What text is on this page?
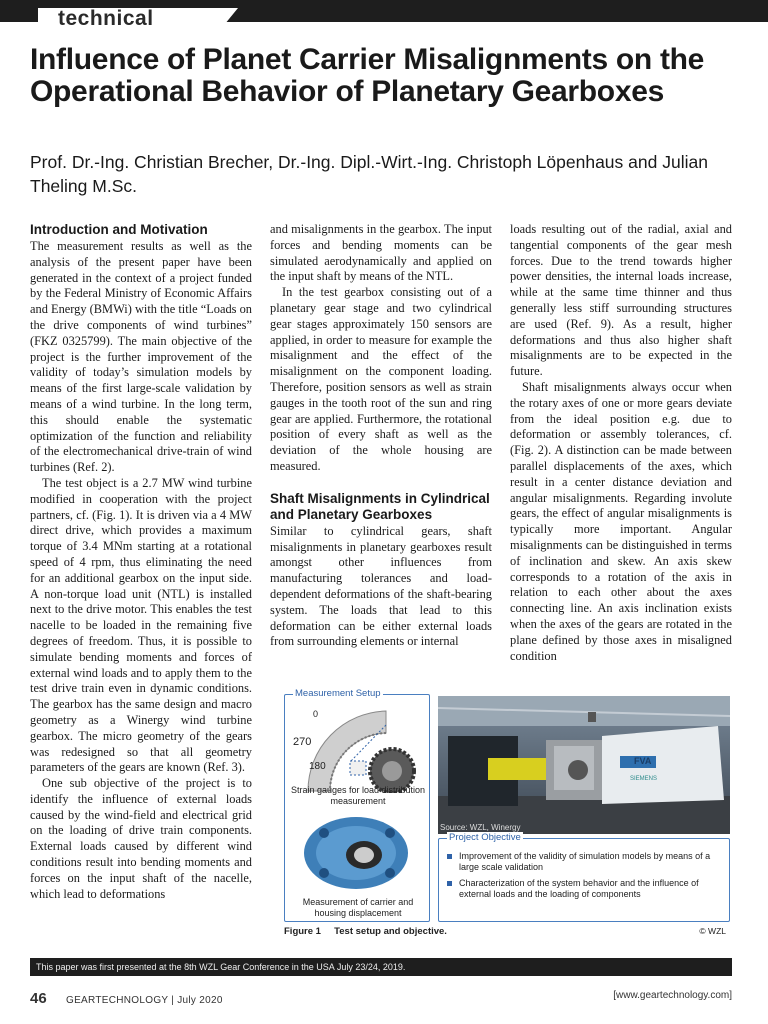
technical
Influence of Planet Carrier Misalignments on the Operational Behavior of Planetary Gearboxes
Prof. Dr.-Ing. Christian Brecher, Dr.-Ing. Dipl.-Wirt.-Ing. Christoph Löpenhaus and Julian Theling M.Sc.
Introduction and Motivation

The measurement results as well as the analysis of the present paper have been generated in the context of a project funded by the Federal Ministry of Economic Affairs and Energy (BMWi) with the title “Loads on the drive components of wind turbines” (FKZ 0325799). The main objective of the project is the further improvement of the validity of today’s simulation models by means of the first large-scale validation by means of a wind turbine. In the long term, this should enable the systematic optimization of the function and reliability of the electromechanical drive-train of wind turbines (Ref. 2).

The test object is a 2.7 MW wind turbine modified in cooperation with the project partners, cf. (Fig. 1). It is driven via a 4 MW direct drive, which provides a maximum torque of 3.4 MNm starting at a rotational speed of 4 rpm, thus eliminating the need for an additional gearbox on the input side. A non-torque load unit (NTL) is installed next to the drive motor. This enables the test nacelle to be loaded in the remaining five degrees of freedom. Thus, it is possible to simulate bending moments and forces of external wind loads and to apply them to the test drive train even in dynamic conditions. The gearbox has the same design and macro geometry as a Winergy wind turbine gearbox. The micro geometry of the gears was redesigned so that all geometry parameters of the gears are known (Ref. 3).

One sub objective of the project is to identify the influence of external loads caused by the wind-field and electrical grid on the loading of drive train components. External loads caused by different wind conditions result into bending moments and forces on the input shaft of the nacelle, which lead to deformations

and misalignments in the gearbox. The input forces and bending moments can be simulated aerodynamically and applied on the input shaft by means of the NTL.

In the test gearbox consisting out of a planetary gear stage and two cylindrical gear stages approximately 150 sensors are applied, in order to measure for example the misalignment and the effect of the misalignment on the component loading. Therefore, position sensors as well as strain gauges in the tooth root of the sun and ring gear are applied. Furthermore, the rotational position of every shaft as well as the deviation of the whole housing are measured.

Shaft Misalignments in Cylindrical and Planetary Gearboxes

Similar to cylindrical gears, shaft misalignments in planetary gearboxes result amongst other influences from manufacturing tolerances and load-dependent deformations of the shaft-bearing system. The loads that lead to this deformation can be either external loads from surrounding elements or internal

loads resulting out of the radial, axial and tangential components of the gear mesh forces. Due to the trend towards higher power densities, the internal loads increase, while at the same time thinner and thus generally less stiff surrounding structures are used (Ref. 9). As a result, higher deformations and thus also higher shaft misalignments are to be expected in the future.

Shaft misalignments always occur when the rotary axes of one or more gears deviate from the ideal position e.g. due to deformation or assembly tolerances, cf. (Fig. 2). A distinction can be made between parallel displacements of the axes, which result in a center distance deviation and angular misalignments. Regarding involute gears, the effect of angular misalignments is typically more important. Angular misalignments can be distinguished in terms of inclination and skew. An axis skew corresponds to a rotation of the axis in relation to each other about the axes connecting line. An axis inclination exists when the axes of the gears are rotated in the plane defined by those axes in misaligned condition

Measurement Setup
0
270
180
Strain gauges for load distribution measurement
Measurement of carrier and housing displacement
FVA
SIEMENS
Source: WZL, Winergy
Project Objective
Improvement of the validity of simulation models by means of a large scale validation
Characterization of the system behavior and the influence of external loads and the loading of components
Figure 1 Test setup and objective.	© WZL
This paper was first presented at the 8th WZL Gear Conference in the USA July 23/24, 2019.
46 GEARTECHNOLOGY | July 2020	[www.geartechnology.com]
